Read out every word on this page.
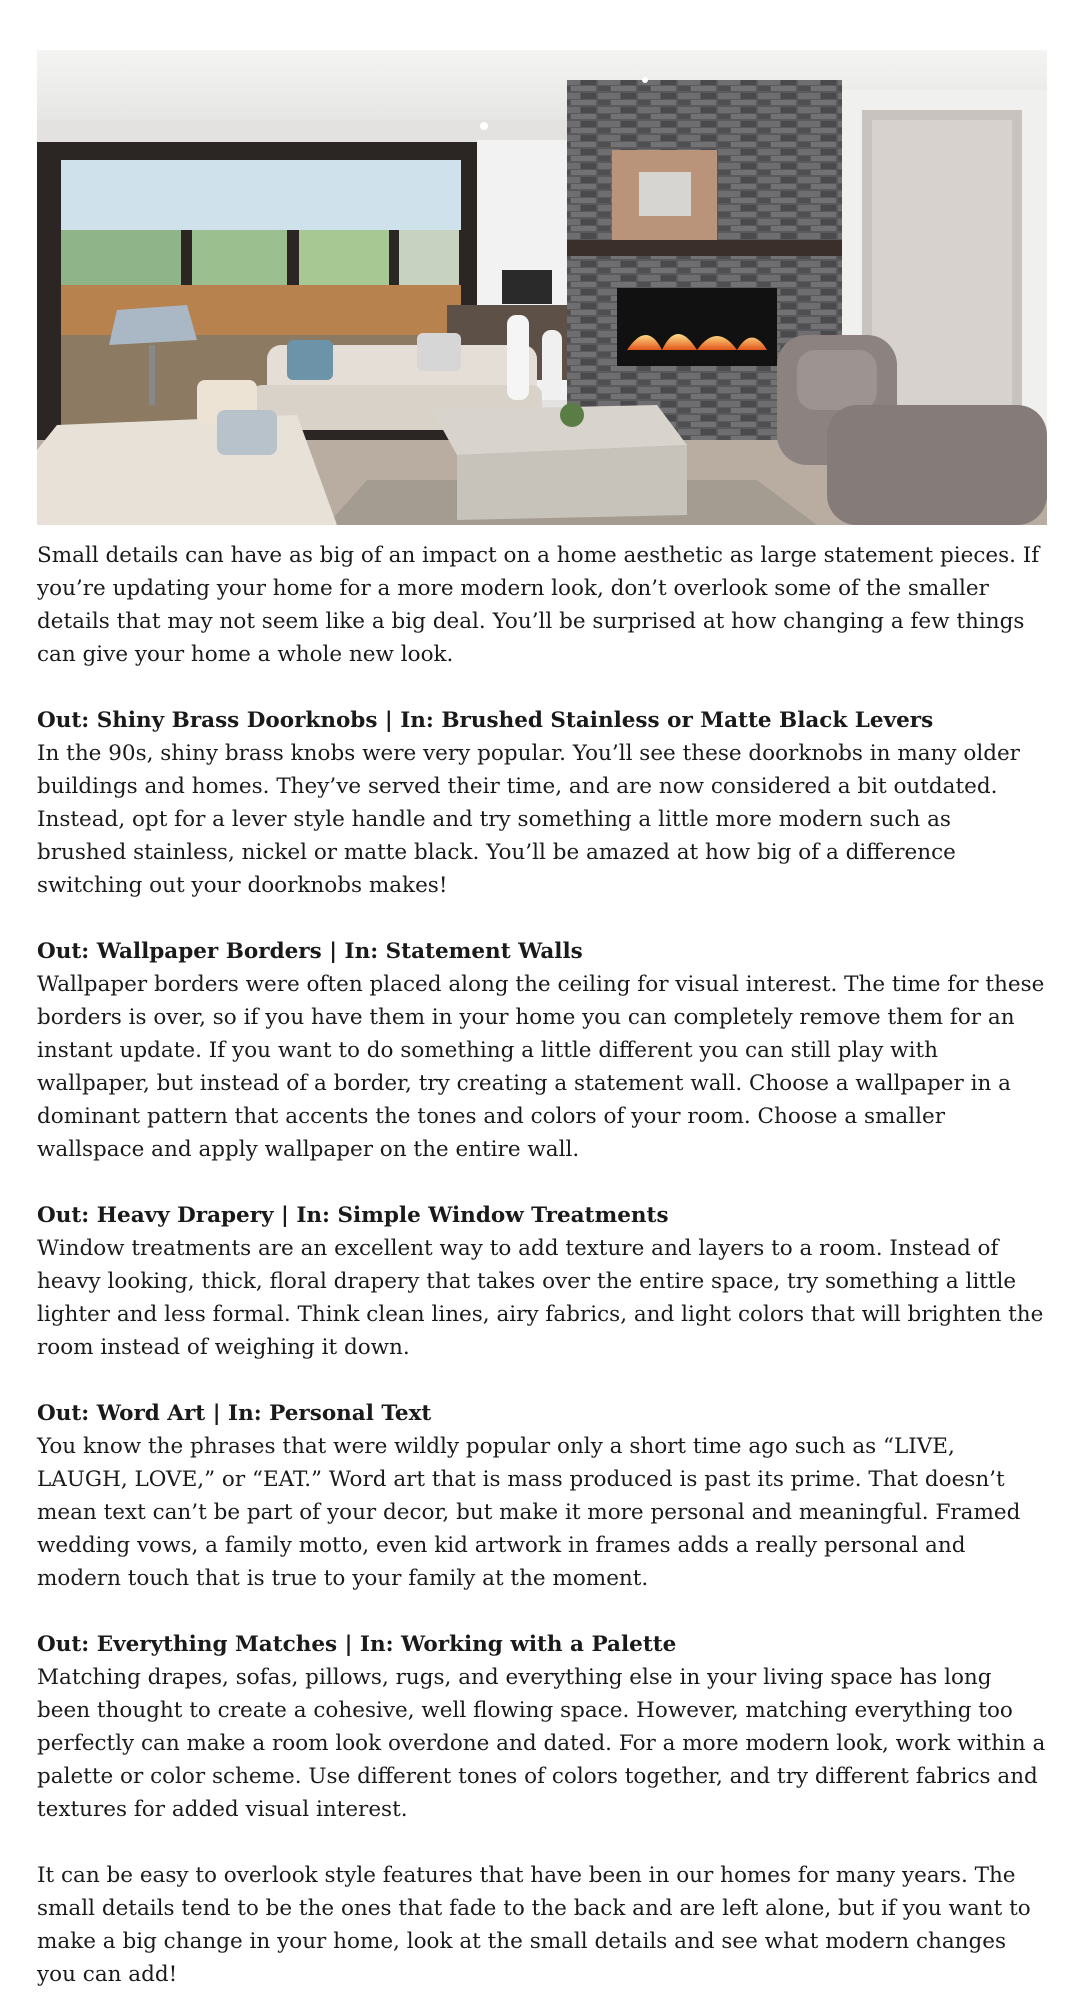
Small details can have as big of an impact on a home aesthetic as large statement pieces. If you’re updating your home for a more modern look, don’t overlook some of the smaller details that may not seem like a big deal. You’ll be surprised at how changing a few things can give your home a whole new look.

Out: Shiny Brass Doorknobs | In: Brushed Stainless or Matte Black Levers

In the 90s, shiny brass knobs were very popular. You’ll see these doorknobs in many older buildings and homes. They’ve served their time, and are now considered a bit outdated. Instead, opt for a lever style handle and try something a little more modern such as brushed stainless, nickel or matte black. You’ll be amazed at how big of a difference switching out your doorknobs makes!

Out: Wallpaper Borders | In: Statement Walls

Wallpaper borders were often placed along the ceiling for visual interest. The time for these borders is over, so if you have them in your home you can completely remove them for an instant update. If you want to do something a little different you can still play with wallpaper, but instead of a border, try creating a statement wall. Choose a wallpaper in a dominant pattern that accents the tones and colors of your room. Choose a smaller wallspace and apply wallpaper on the entire wall.

Out: Heavy Drapery | In: Simple Window Treatments

Window treatments are an excellent way to add texture and layers to a room. Instead of heavy looking, thick, floral drapery that takes over the entire space, try something a little lighter and less formal. Think clean lines, airy fabrics, and light colors that will brighten the room instead of weighing it down.

Out: Word Art | In: Personal Text

You know the phrases that were wildly popular only a short time ago such as “LIVE, LAUGH, LOVE,” or “EAT.” Word art that is mass produced is past its prime. That doesn’t mean text can’t be part of your decor, but make it more personal and meaningful. Framed wedding vows, a family motto, even kid artwork in frames adds a really personal and modern touch that is true to your family at the moment.

Out: Everything Matches | In: Working with a Palette

Matching drapes, sofas, pillows, rugs, and everything else in your living space has long been thought to create a cohesive, well flowing space. However, matching everything too perfectly can make a room look overdone and dated. For a more modern look, work within a palette or color scheme. Use different tones of colors together, and try different fabrics and textures for added visual interest.

It can be easy to overlook style features that have been in our homes for many years. The small details tend to be the ones that fade to the back and are left alone, but if you want to make a big change in your home, look at the small details and see what modern changes you can add!
